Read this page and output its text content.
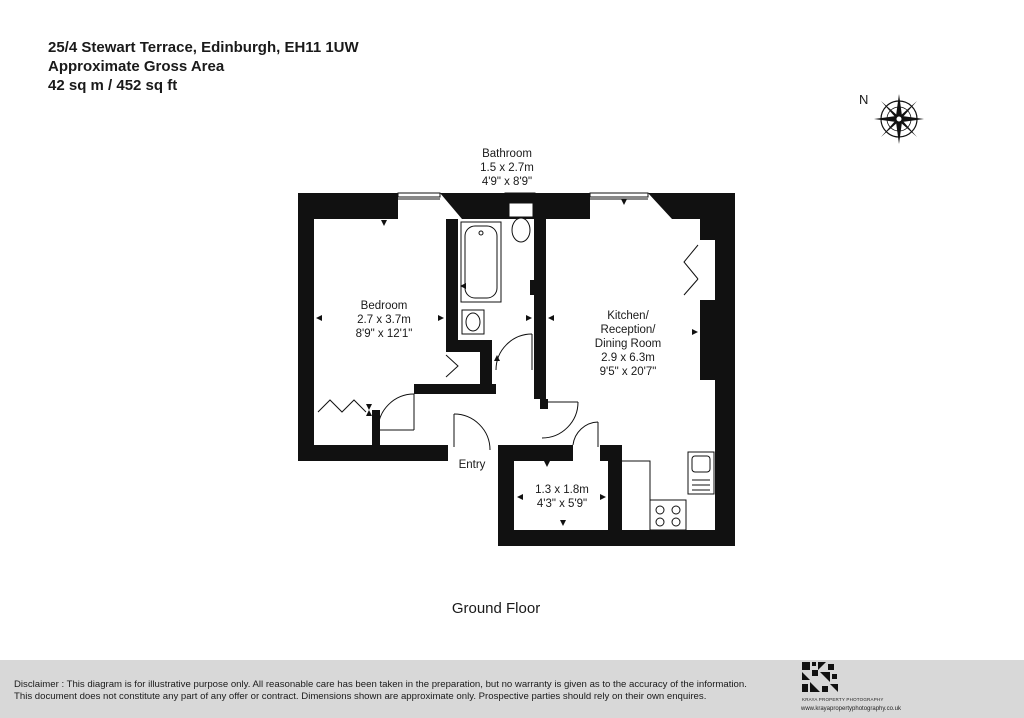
25/4 Stewart Terrace, Edinburgh, EH11 1UW
Approximate Gross Area
42 sq m / 452 sq ft
N
Bathroom
1.5 x 2.7m
4'9" x 8'9"
Bedroom
2.7 x 3.7m
8'9" x 12'1"
Kitchen/
Reception/
Dining Room
2.9 x 6.3m
9'5" x 20'7"
1.3 x 1.8m
4'3" x 5'9"
Entry
Ground Floor
Disclaimer : This diagram is for illustrative purpose only. All reasonable care has been taken in the preparation, but no warranty is given as to the accuracy of the information.
This document does not constitute any part of any offer or contract. Dimensions shown are approximate only. Prospective parties should rely on their own enquires.	KRAYA PROPERTY PHOTOGRAPHY
www.krayapropertyphotography.co.uk
